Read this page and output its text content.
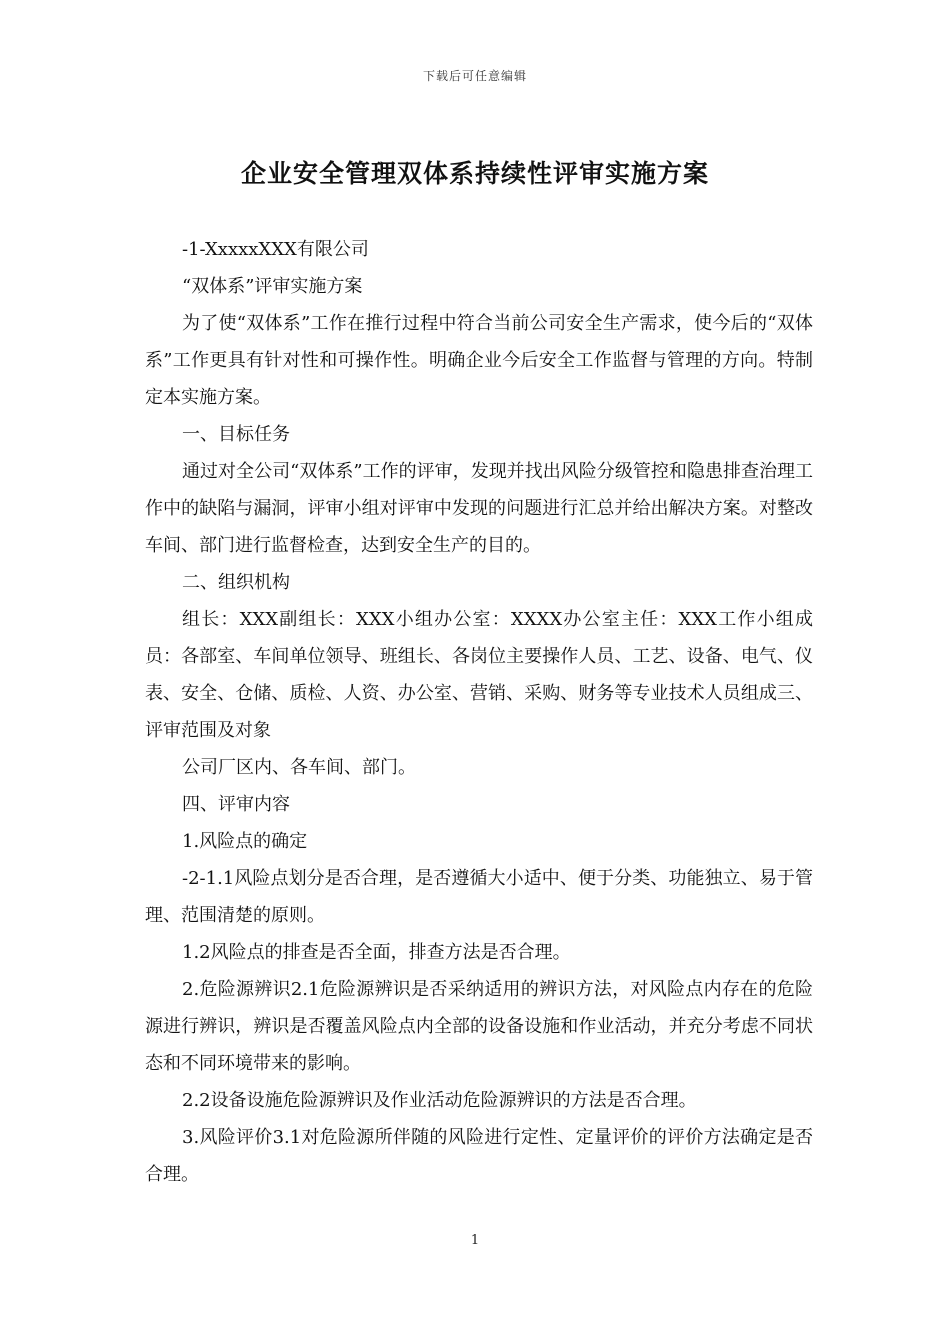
下载后可任意编辑
企业安全管理双体系持续性评审实施方案

-1-XxxxxXXX有限公司

“双体系”评审实施方案

为了使“双体系”工作在推行过程中符合当前公司安全生产需求，使今后的“双体系”工作更具有针对性和可操作性。明确企业今后安全工作监督与管理的方向。特制定本实施方案。

一、目标任务

通过对全公司“双体系”工作的评审，发现并找出风险分级管控和隐患排查治理工作中的缺陷与漏洞，评审小组对评审中发现的问题进行汇总并给出解决方案。对整改车间、部门进行监督检查，达到安全生产的目的。

二、组织机构

组长：XXX副组长：XXX小组办公室：XXXX办公室主任：XXX工作小组成员：各部室、车间单位领导、班组长、各岗位主要操作人员、工艺、设备、电气、仪表、安全、仓储、质检、人资、办公室、营销、采购、财务等专业技术人员组成三、评审范围及对象

公司厂区内、各车间、部门。

四、评审内容

1.风险点的确定

-2-1.1风险点划分是否合理，是否遵循大小适中、便于分类、功能独立、易于管理、范围清楚的原则。

1.2风险点的排查是否全面，排查方法是否合理。

2.危险源辨识2.1危险源辨识是否采纳适用的辨识方法，对风险点内存在的危险源进行辨识，辨识是否覆盖风险点内全部的设备设施和作业活动，并充分考虑不同状态和不同环境带来的影响。

2.2设备设施危险源辨识及作业活动危险源辨识的方法是否合理。

3.风险评价3.1对危险源所伴随的风险进行定性、定量评价的评价方法确定是否合理。

1
